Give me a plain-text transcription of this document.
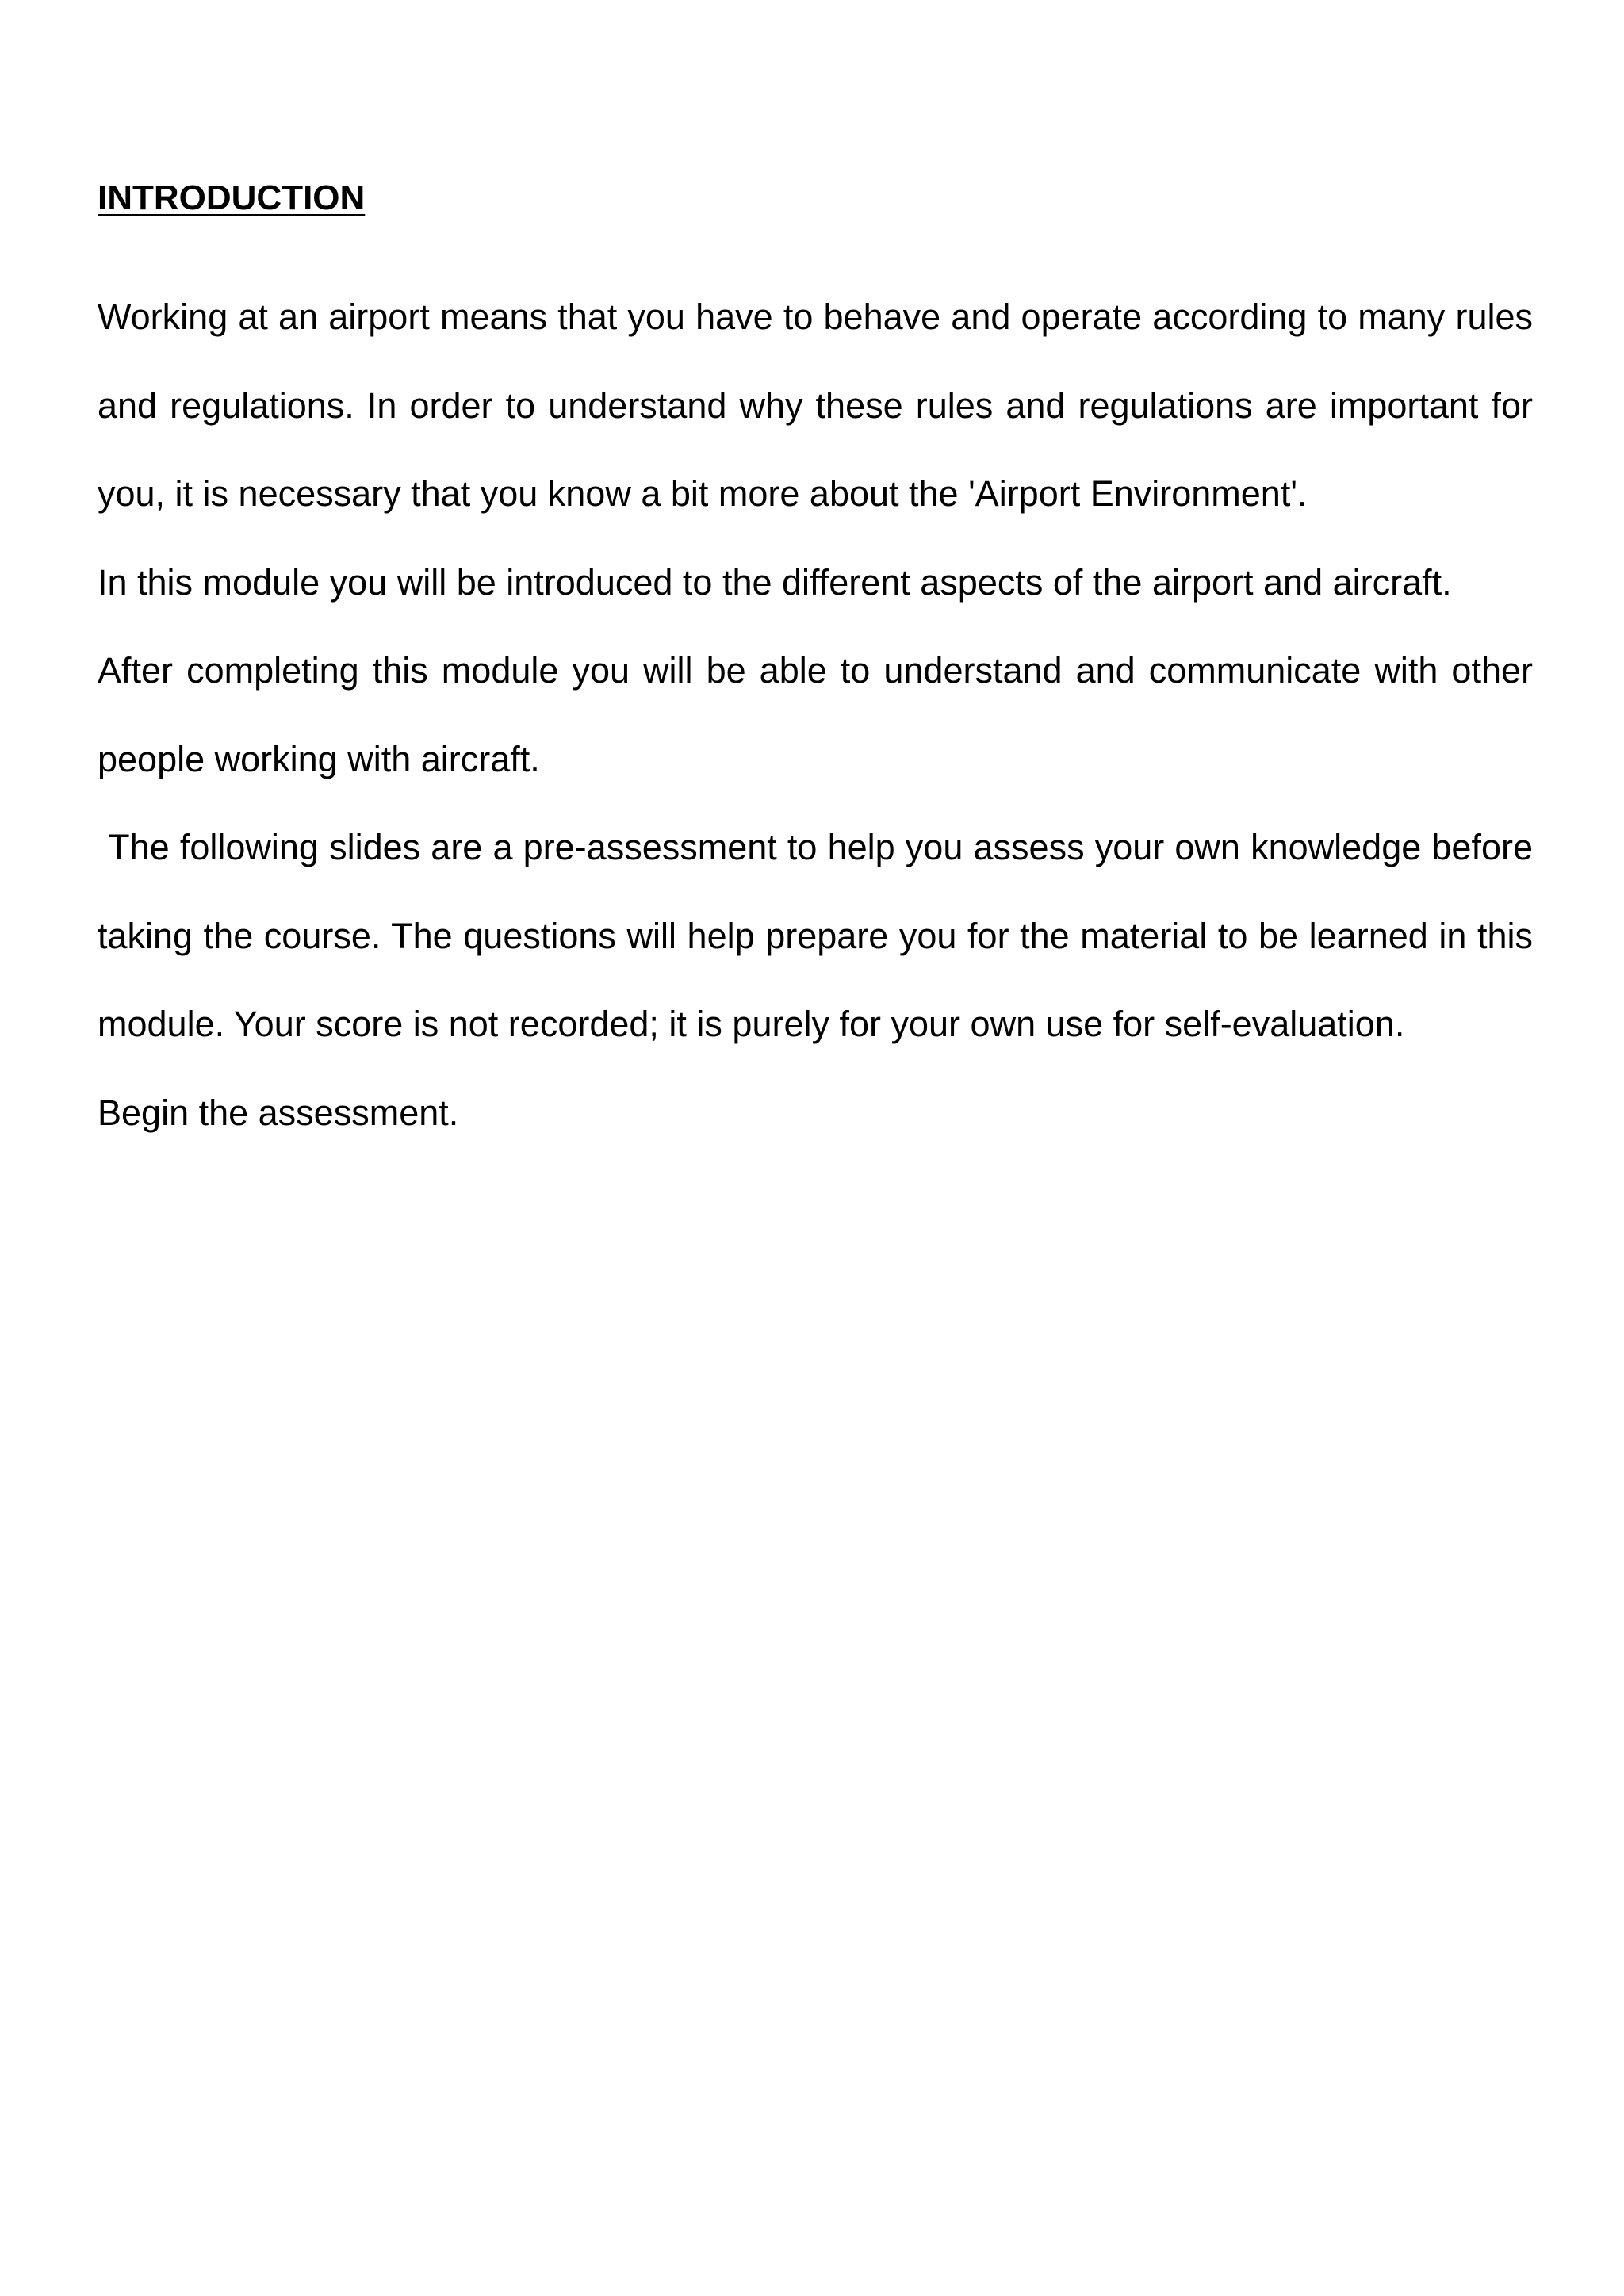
INTRODUCTION

Working at an airport means that you have to behave and operate according to many rules and regulations. In order to understand why these rules and regulations are important for you, it is necessary that you know a bit more about the 'Airport Environment'.

In this module you will be introduced to the different aspects of the airport and aircraft.

After completing this module you will be able to understand and communicate with other people working with aircraft.

The following slides are a pre-assessment to help you assess your own knowledge before taking the course. The questions will help prepare you for the material to be learned in this module. Your score is not recorded; it is purely for your own use for self-evaluation.

Begin the assessment.
